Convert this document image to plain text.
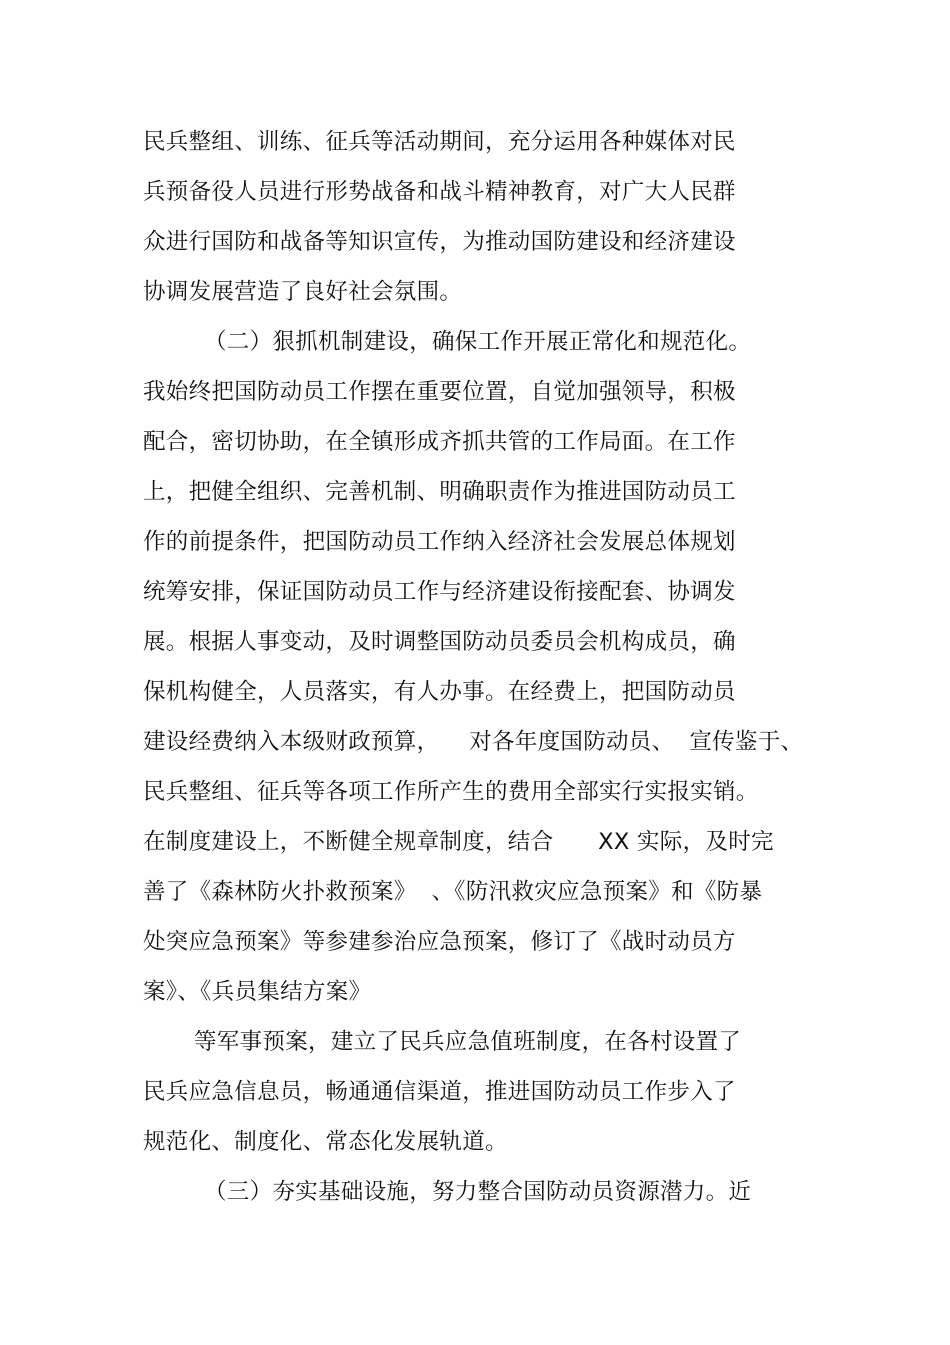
民兵整组、训练、征兵等活动期间，充分运用各种媒体对民
兵预备役人员进行形势战备和战斗精神教育，对广大人民群
众进行国防和战备等知识宣传，为推动国防建设和经济建设
协调发展营造了良好社会氛围。
（二）狠抓机制建设，确保工作开展正常化和规范化。
我始终把国防动员工作摆在重要位置，自觉加强领导，积极
配合，密切协助，在全镇形成齐抓共管的工作局面。在工作
上，把健全组织、完善机制、明确职责作为推进国防动员工
作的前提条件，把国防动员工作纳入经济社会发展总体规划
统筹安排，保证国防动员工作与经济建设衔接配套、协调发
展。根据人事变动，及时调整国防动员委员会机构成员，确
保机构健全，人员落实，有人办事。在经费上，把国防动员
建设经费纳入本级财政预算，    对各年度国防动员、  宣传鉴于、
民兵整组、征兵等各项工作所产生的费用全部实行实报实销。
在制度建设上，不断健全规章制度，结合      XX 实际，及时完
善了《森林防火扑救预案》  、《防汛救灾应急预案》和《防暴
处突应急预案》等参建参治应急预案，修订了《战时动员方
案》、《兵员集结方案》
等军事预案，建立了民兵应急值班制度，在各村设置了
民兵应急信息员，畅通通信渠道，推进国防动员工作步入了
规范化、制度化、常态化发展轨道。
（三）夯实基础设施，努力整合国防动员资源潜力。近
